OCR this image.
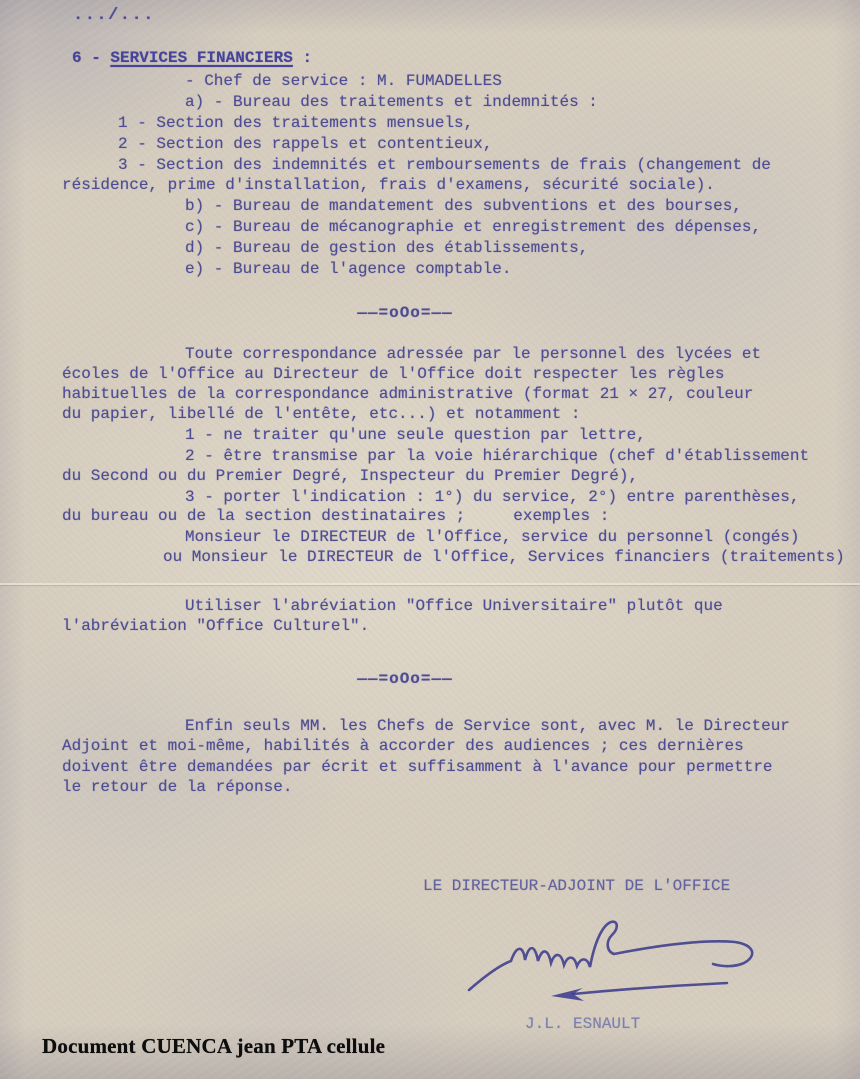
.../...
6 - SERVICES FINANCIERS :
- Chef de service : M. FUMADELLES
a) - Bureau des traitements et indemnités :
1 - Section des traitements mensuels,
2 - Section des rappels et contentieux,
3 - Section des indemnités et remboursements de frais (changement de
résidence, prime d'installation, frais d'examens, sécurité sociale).
b) - Bureau de mandatement des subventions et des bourses,
c) - Bureau de mécanographie et enregistrement des dépenses,
d) - Bureau de gestion des établissements,
e) - Bureau de l'agence comptable.
——=oOo=——
Toute correspondance adressée par le personnel des lycées et
écoles de l'Office au Directeur de l'Office doit respecter les règles
habituelles de la correspondance administrative (format 21 × 27, couleur
du papier, libellé de l'entête, etc...) et notamment :
1 - ne traiter qu'une seule question par lettre,
2 - être transmise par la voie hiérarchique (chef d'établissement
du Second ou du Premier Degré, Inspecteur du Premier Degré),
3 - porter l'indication : 1°) du service, 2°) entre parenthèses,
du bureau ou de la section destinataires ;     exemples :
Monsieur le DIRECTEUR de l'Office, service du personnel (congés)
ou Monsieur le DIRECTEUR de l'Office, Services financiers (traitements)
Utiliser l'abréviation "Office Universitaire" plutôt que
l'abréviation "Office Culturel".
——=oOo=——
Enfin seuls MM. les Chefs de Service sont, avec M. le Directeur
Adjoint et moi-même, habilités à accorder des audiences ; ces dernières
doivent être demandées par écrit et suffisamment à l'avance pour permettre
le retour de la réponse.
LE DIRECTEUR-ADJOINT DE L'OFFICE
J.L. ESNAULT
Document CUENCA jean PTA cellule
